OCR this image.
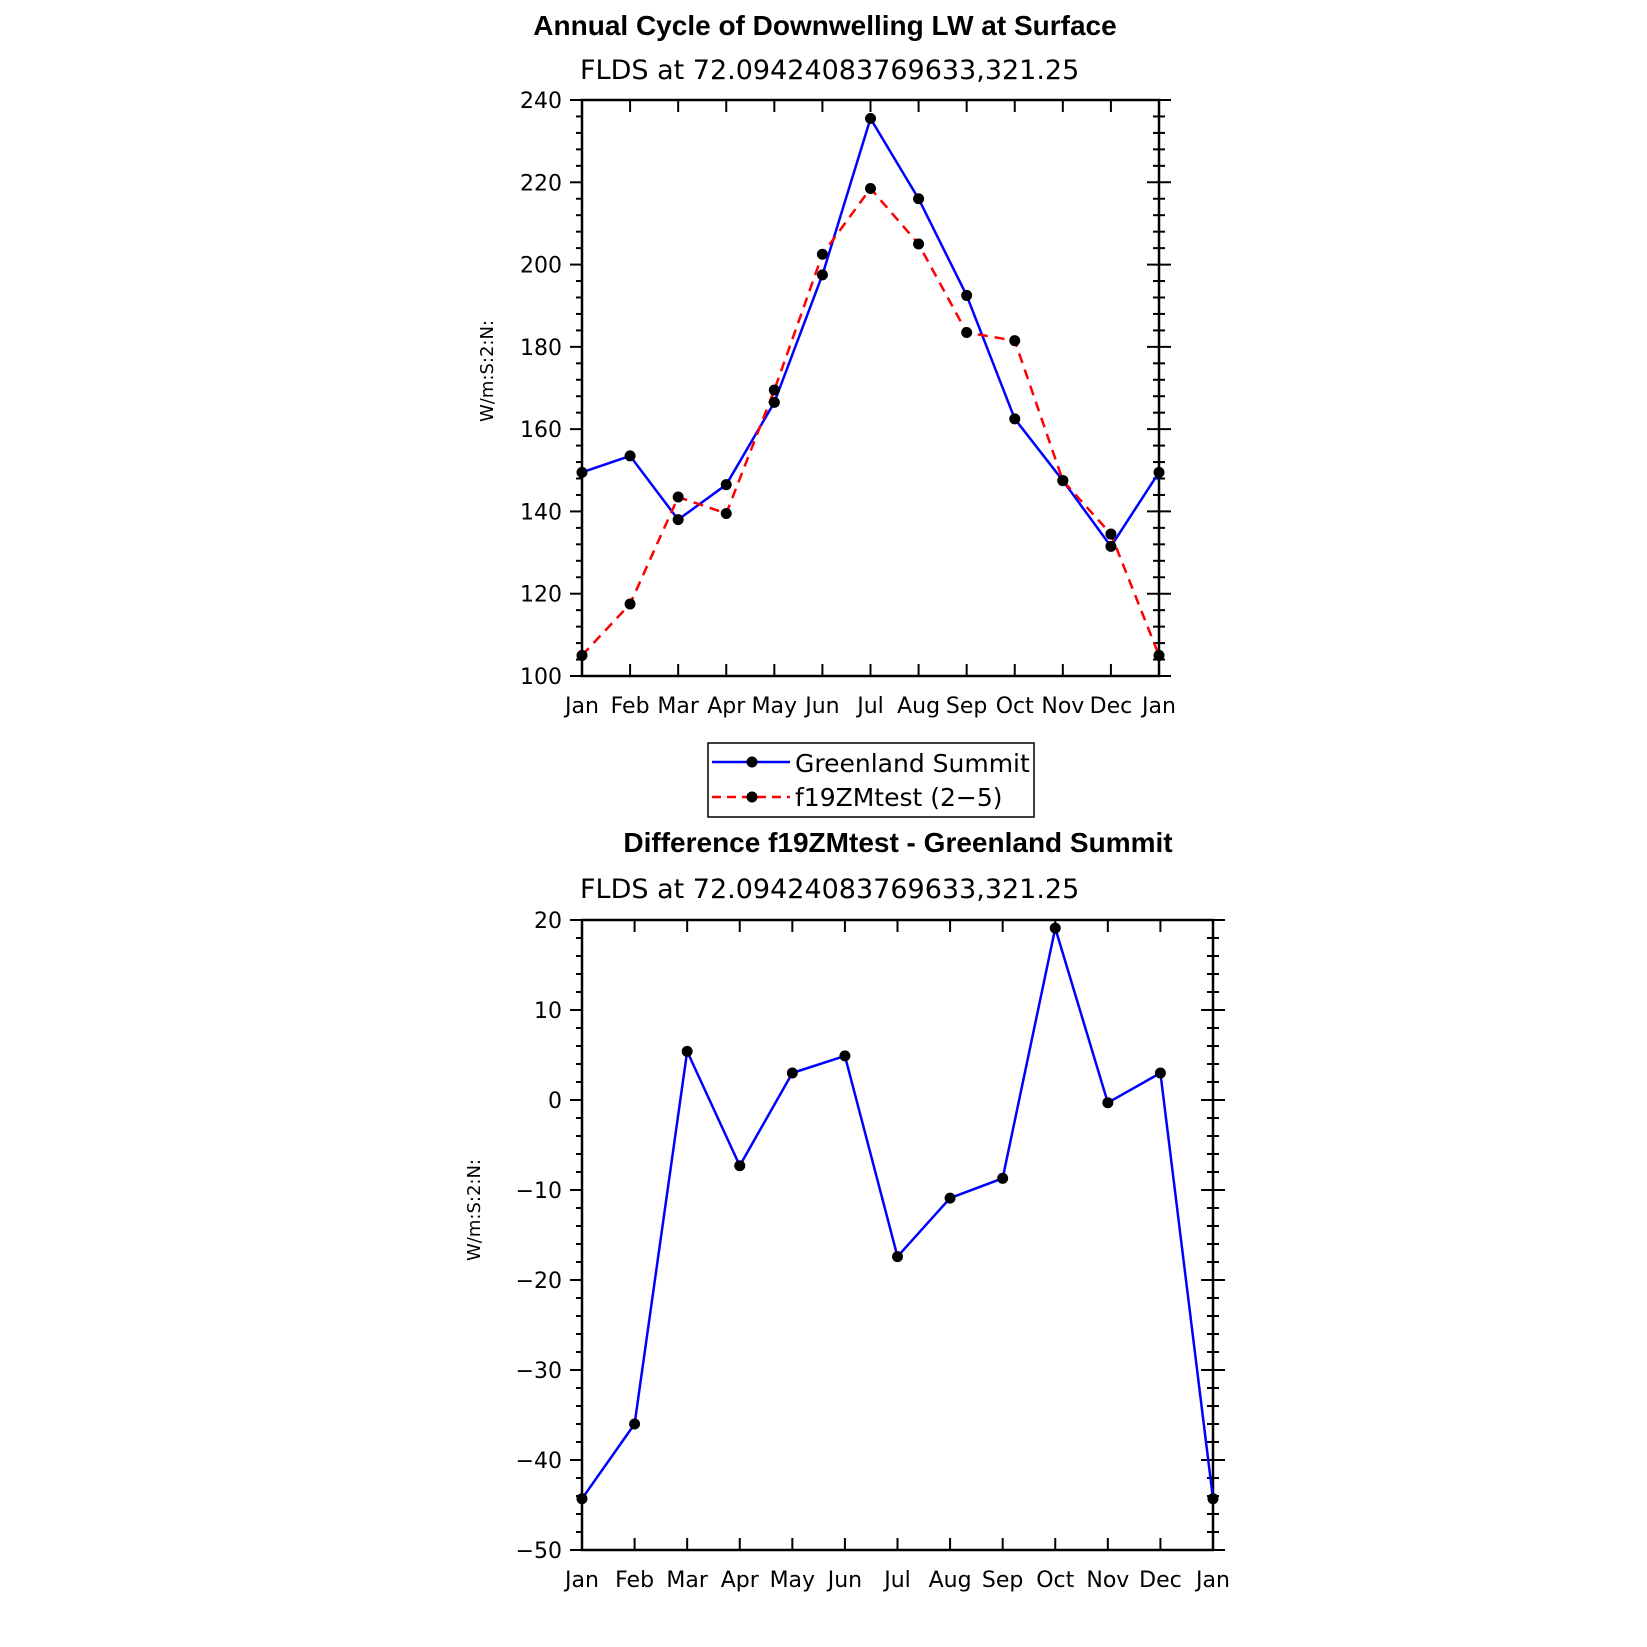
Annual Cycle of Downwelling LW at Surface
FLDS at 72.09424083769633,321.25
W/m:S:2:N:
Jan Feb Mar Apr May Jun Jul Aug Sep Oct Nov Dec Jan
100
120
140
160
180
200
220
240
Greenland Summit
f19ZMtest (2−5)
Difference f19ZMtest - Greenland Summit
FLDS at 72.09424083769633,321.25
W/m:S:2:N:
Jan Feb Mar Apr May Jun Jul Aug Sep Oct Nov Dec Jan
−50
−40
−30
−20
−10
0
10
20
